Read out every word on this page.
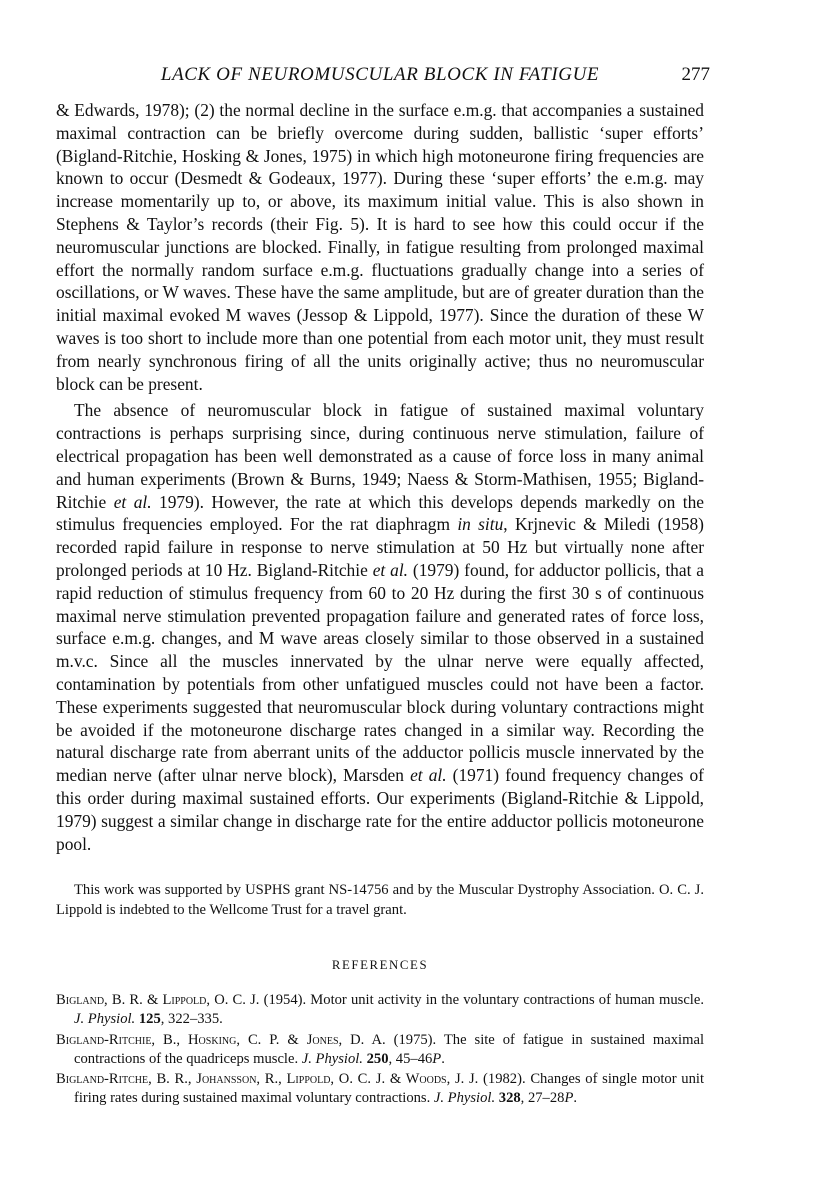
LACK OF NEUROMUSCULAR BLOCK IN FATIGUE	277

& Edwards, 1978); (2) the normal decline in the surface e.m.g. that accompanies a sustained maximal contraction can be briefly overcome during sudden, ballistic ‘super efforts’ (Bigland-Ritchie, Hosking & Jones, 1975) in which high motoneurone firing frequencies are known to occur (Desmedt & Godeaux, 1977). During these ‘super efforts’ the e.m.g. may increase momentarily up to, or above, its maximum initial value. This is also shown in Stephens & Taylor’s records (their Fig. 5). It is hard to see how this could occur if the neuromuscular junctions are blocked. Finally, in fatigue resulting from prolonged maximal effort the normally random surface e.m.g. fluctuations gradually change into a series of oscillations, or W waves. These have the same amplitude, but are of greater duration than the initial maximal evoked M waves (Jessop & Lippold, 1977). Since the duration of these W waves is too short to include more than one potential from each motor unit, they must result from nearly synchronous firing of all the units originally active; thus no neuromuscular block can be present.

The absence of neuromuscular block in fatigue of sustained maximal voluntary contractions is perhaps surprising since, during continuous nerve stimulation, failure of electrical propagation has been well demonstrated as a cause of force loss in many animal and human experiments (Brown & Burns, 1949; Naess & Storm-Mathisen, 1955; Bigland-Ritchie et al. 1979). However, the rate at which this develops depends markedly on the stimulus frequencies employed. For the rat diaphragm in situ, Krjnevic & Miledi (1958) recorded rapid failure in response to nerve stimulation at 50 Hz but virtually none after prolonged periods at 10 Hz. Bigland-Ritchie et al. (1979) found, for adductor pollicis, that a rapid reduction of stimulus frequency from 60 to 20 Hz during the first 30 s of continuous maximal nerve stimulation prevented propagation failure and generated rates of force loss, surface e.m.g. changes, and M wave areas closely similar to those observed in a sustained m.v.c. Since all the muscles innervated by the ulnar nerve were equally affected, contamination by potentials from other unfatigued muscles could not have been a factor. These experiments suggested that neuromuscular block during voluntary contractions might be avoided if the motoneurone discharge rates changed in a similar way. Recording the natural discharge rate from aberrant units of the adductor pollicis muscle innervated by the median nerve (after ulnar nerve block), Marsden et al. (1971) found frequency changes of this order during maximal sustained efforts. Our experiments (Bigland-Ritchie & Lippold, 1979) suggest a similar change in discharge rate for the entire adductor pollicis motoneurone pool.

This work was supported by USPHS grant NS-14756 and by the Muscular Dystrophy Association. O. C. J. Lippold is indebted to the Wellcome Trust for a travel grant.

REFERENCES
Bigland, B. R. & Lippold, O. C. J. (1954). Motor unit activity in the voluntary contractions of human muscle. J. Physiol. 125, 322–335.
Bigland-Ritchie, B., Hosking, C. P. & Jones, D. A. (1975). The site of fatigue in sustained maximal contractions of the quadriceps muscle. J. Physiol. 250, 45–46P.
Bigland-Ritche, B. R., Johansson, R., Lippold, O. C. J. & Woods, J. J. (1982). Changes of single motor unit firing rates during sustained maximal voluntary contractions. J. Physiol. 328, 27–28P.
